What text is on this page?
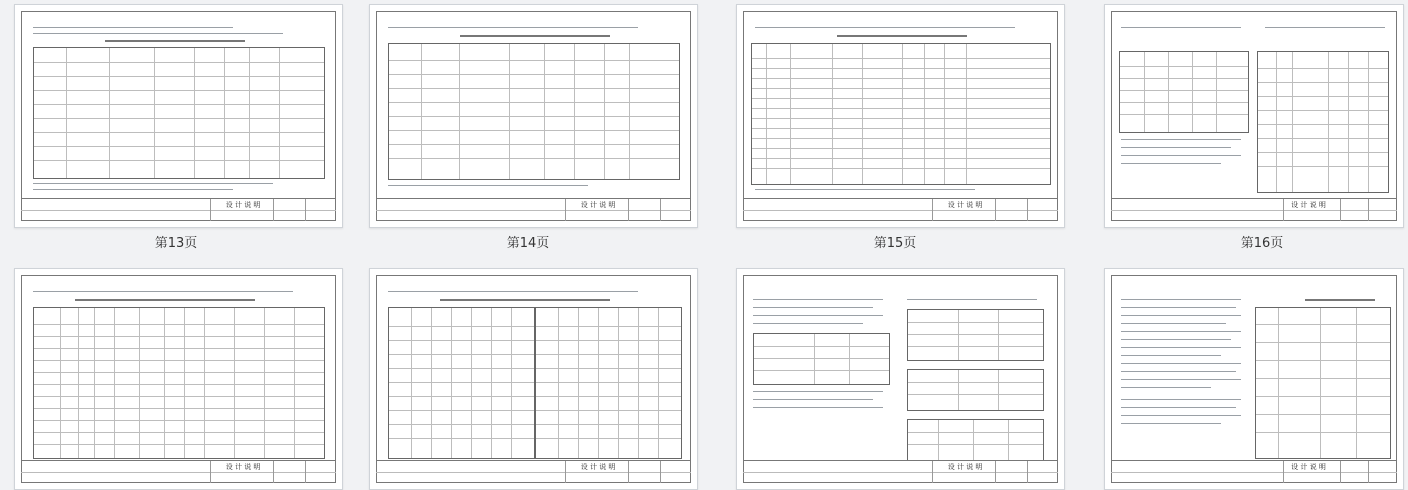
设 计 说 明
第13页
设 计 说 明
第14页
设 计 说 明
第15页
设 计 说 明
第16页
设 计 说 明	设 计 说 明	设 计 说 明	设 计 说 明
